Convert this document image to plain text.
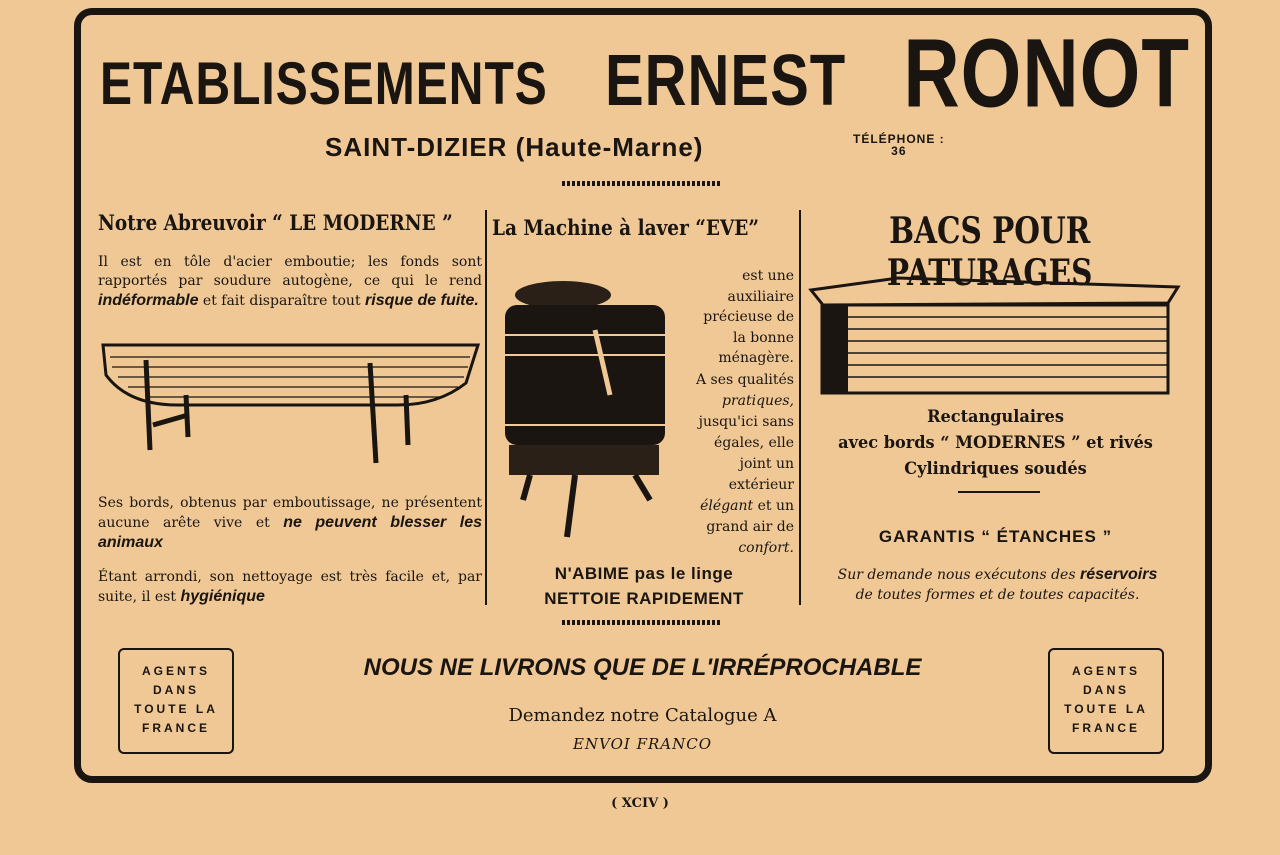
ETABLISSEMENTS ERNEST RONOT
SAINT-DIZIER (Haute-Marne)	TÉLÉPHONE :
36
Notre Abreuvoir “ LE MODERNE ”
Il est en tôle d'acier emboutie; les fonds sont rapportés par soudure autogène, ce qui le rend indéformable et fait disparaître tout risque de fuite.
Ses bords, obtenus par emboutissage, ne présentent aucune arête vive et ne peuvent blesser les animaux
Étant arrondi, son nettoyage est très facile et, par suite, il est hygiénique
La Machine à laver “EVE”
est une auxiliaire précieuse de la bonne ménagère.
A ses qualités pratiques, jusqu'ici sans égales, elle joint un extérieur élégant et un grand air de confort.
N'ABIME pas le linge
NETTOIE RAPIDEMENT
BACS POUR PATURAGES
Rectangulaires
avec bords “ MODERNES ” et rivés
Cylindriques soudés
GARANTIS “ ÉTANCHES ”
Sur demande nous exécutons des réservoirs
de toutes formes et de toutes capacités.
AGENTS
DANS
TOUTE LA
FRANCE
AGENTS
DANS
TOUTE LA
FRANCE
NOUS NE LIVRONS QUE DE L'IRRÉPROCHABLE
Demandez notre Catalogue A
ENVOI FRANCO
( XCIV )
